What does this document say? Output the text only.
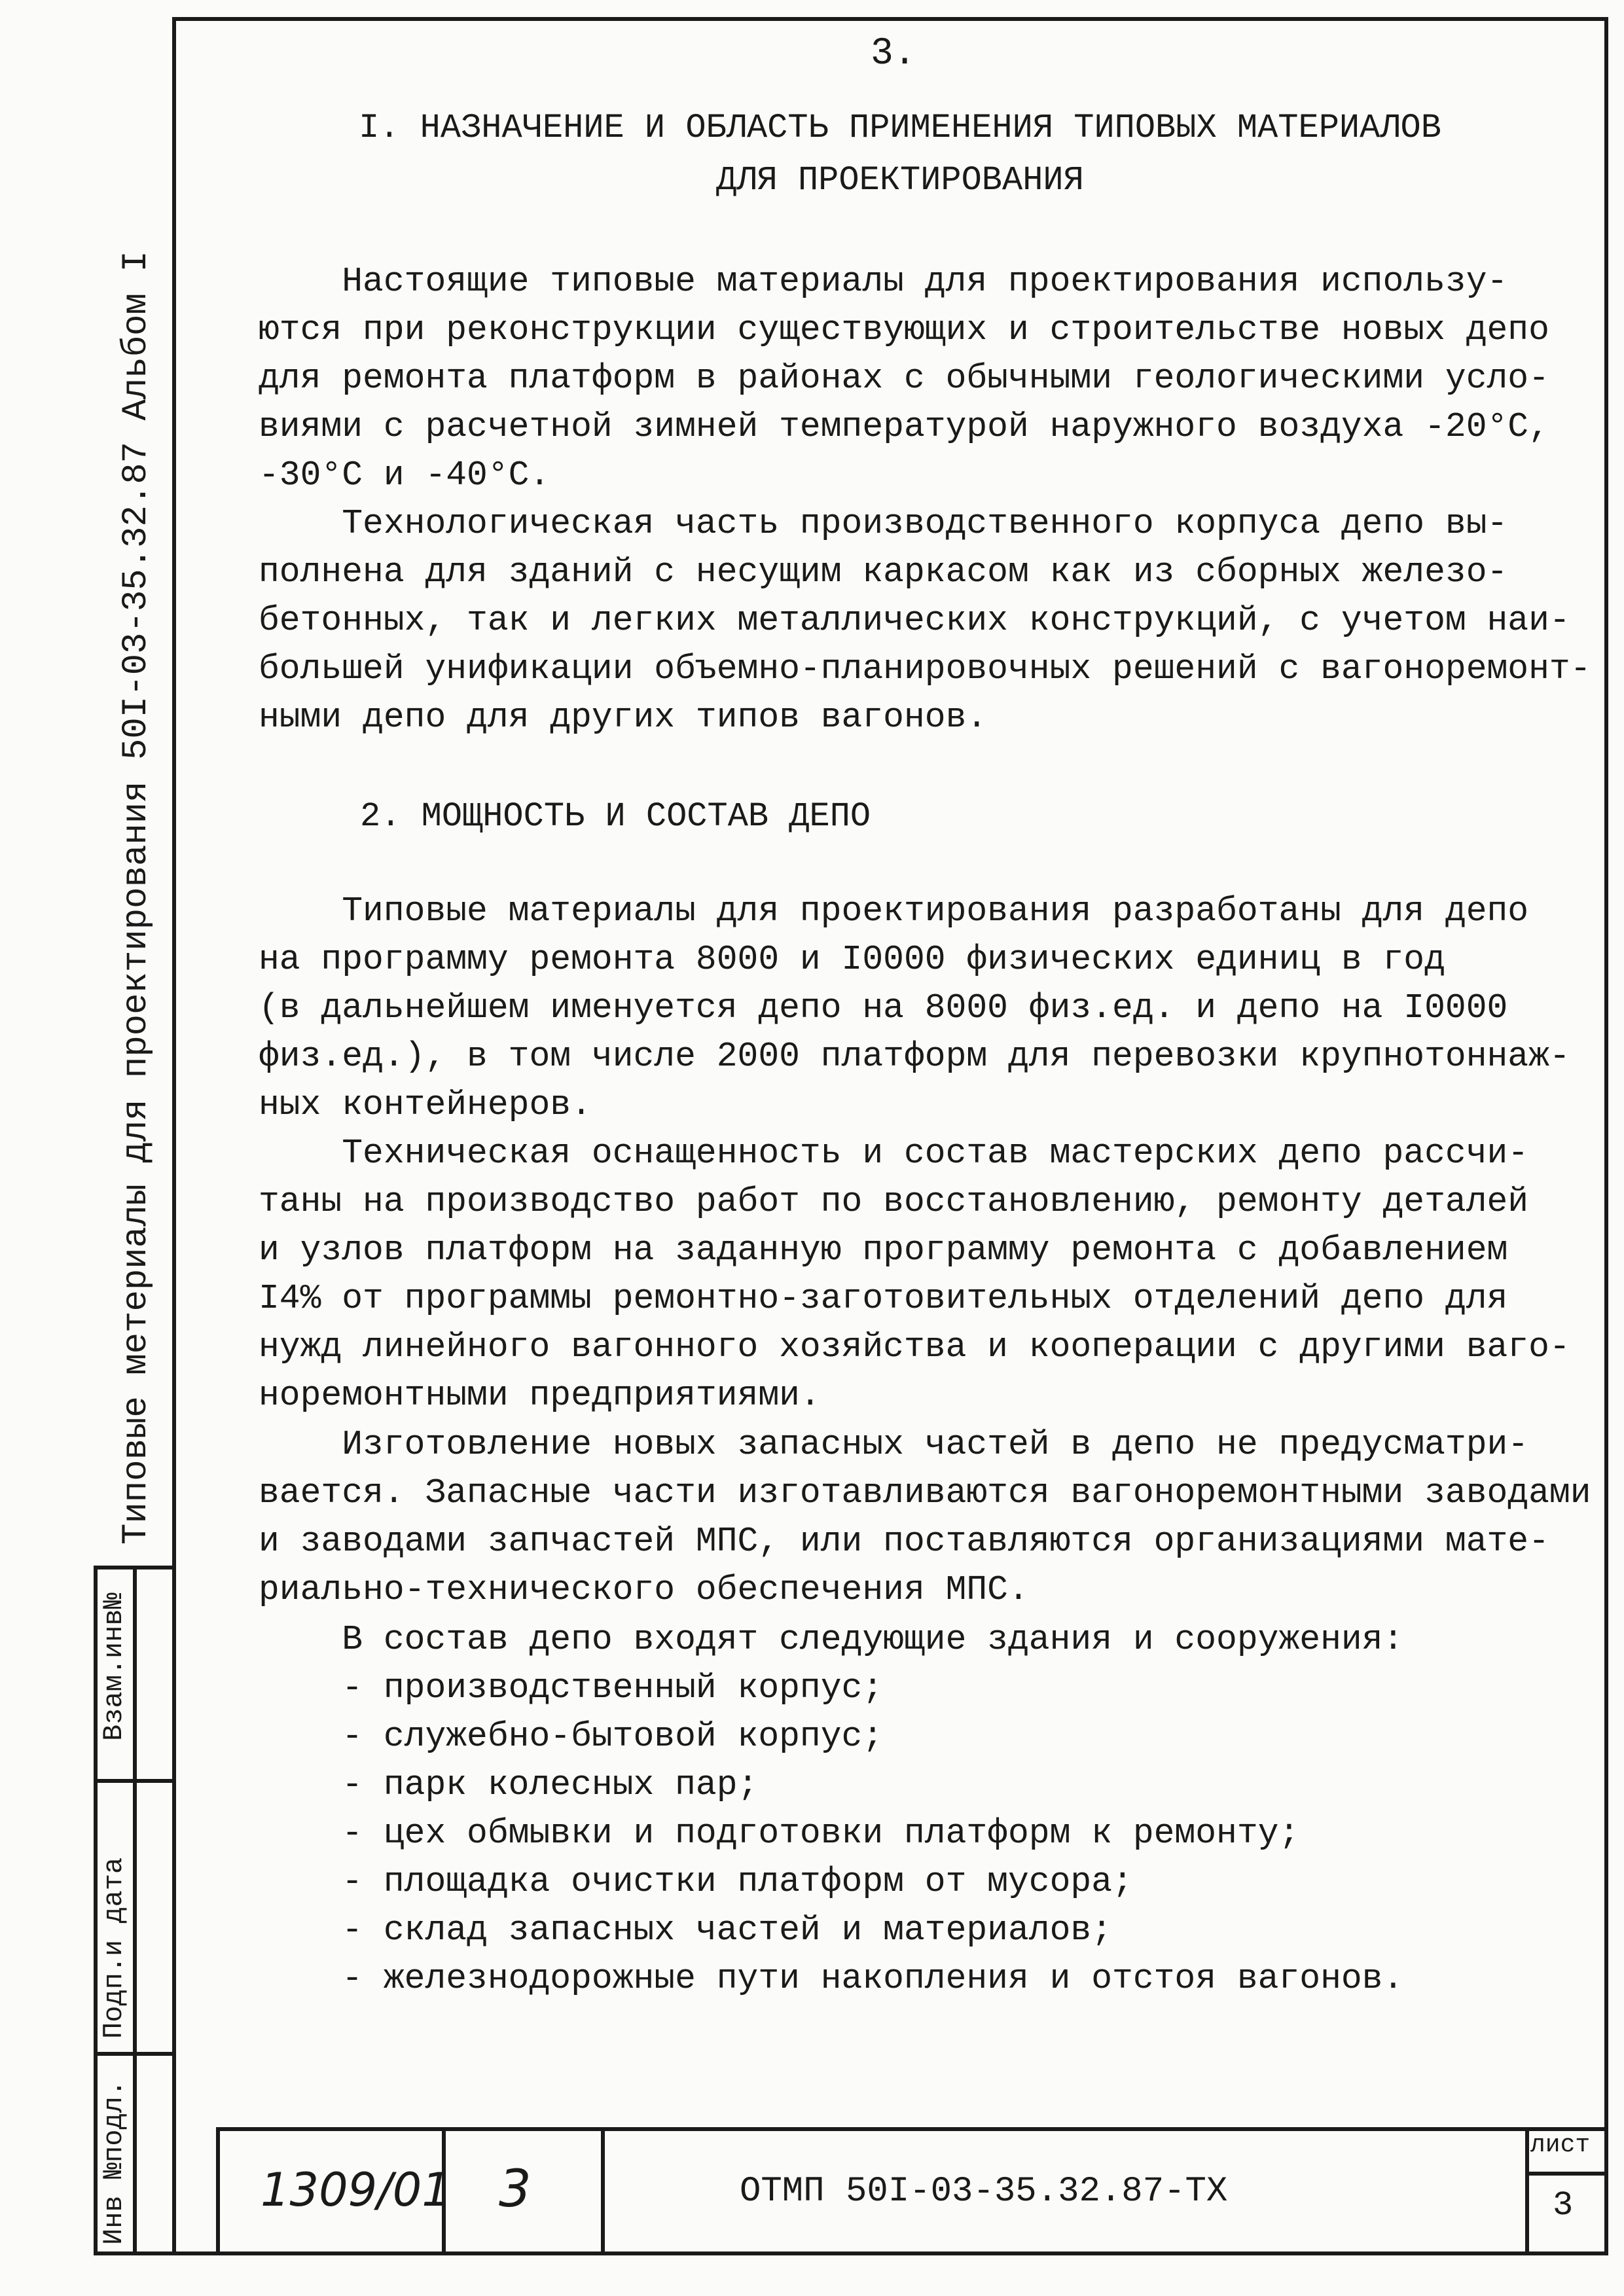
3.
I. НАЗНАЧЕНИЕ И ОБЛАСТЬ ПРИМЕНЕНИЯ ТИПОВЫХ МАТЕРИАЛОВ
ДЛЯ ПРОЕКТИРОВАНИЯ

Настоящие типовые материалы для проектирования использу-

ются при реконструкции существующих и строительстве новых депо

для ремонта платформ в районах с обычными геологическими усло-

виями с расчетной зимней температурой наружного воздуха -20°C,

-30°C и -40°C.

Технологическая часть производственного корпуса депо вы-

полнена для зданий с несущим каркасом как из сборных железо-

бетонных, так и легких металлических конструкций, с учетом наи-

большей унификации объемно-планировочных решений с вагоноремонт-

ными депо для других типов вагонов.

2. МОЩНОСТЬ И СОСТАВ ДЕПО

Типовые материалы для проектирования разработаны для депо

на программу ремонта 8000 и I0000 физических единиц в год

(в дальнейшем именуется депо на 8000 физ.ед. и депо на I0000

физ.ед.), в том числе 2000 платформ для перевозки крупнотоннаж-

ных контейнеров.

Техническая оснащенность и состав мастерских депо рассчи-

таны на производство работ по восстановлению, ремонту деталей

и узлов платформ на заданную программу ремонта с добавлением

I4% от программы ремонтно-заготовительных отделений депо для

нужд линейного вагонного хозяйства и кооперации с другими ваго-

норемонтными предприятиями.

Изготовление новых запасных частей в депо не предусматри-

вается. Запасные части изготавливаются вагоноремонтными заводами

и заводами запчастей МПС, или поставляются организациями мате-

риально-технического обеспечения МПС.

В состав депо входят следующие здания и сооружения:

- производственный корпус;

- служебно-бытовой корпус;

- парк колесных пар;

- цех обмывки и подготовки платформ к ремонту;

- площадка очистки платформ от мусора;

- склад запасных частей и материалов;

- железнодорожные пути накопления и отстоя вагонов.

Типовые метериалы для проектирования 50I-03-35.32.87 Альбом I
Взам.инв№
Подп.и дата
Инв №подл.	1309/01 3	ОТМП 50I-03-35.32.87-ТХ
лист
3
